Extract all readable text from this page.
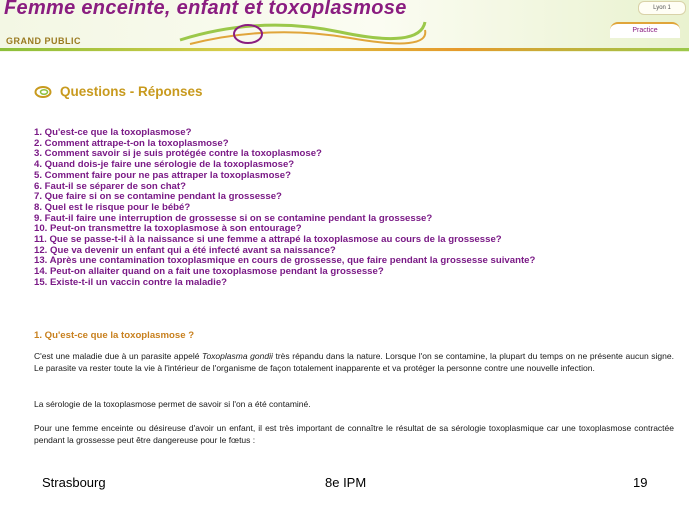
Femme enceinte, enfant et toxoplasmose
GRAND PUBLIC
Lyon 1
Practice
Questions - Réponses
1. Qu'est-ce que la toxoplasmose?
2. Comment attrape-t-on la toxoplasmose?
3. Comment savoir si je suis protégée contre la toxoplasmose?
4. Quand dois-je faire une sérologie de la toxoplasmose?
5. Comment faire pour ne pas attraper la toxoplasmose?
6. Faut-il se séparer de son chat?
7. Que faire si on se contamine pendant la grossesse?
8. Quel est le risque pour le bébé?
9. Faut-il faire une interruption de grossesse si on se contamine pendant la grossesse?
10. Peut-on transmettre la toxoplasmose à son entourage?
11. Que se passe-t-il à la naissance si une femme a attrapé la toxoplasmose au cours de la grossesse?
12. Que va devenir un enfant qui a été infecté avant sa naissance?
13. Après une contamination toxoplasmique en cours de grossesse, que faire pendant la grossesse suivante?
14. Peut-on allaiter quand on a fait une toxoplasmose pendant la grossesse?
15. Existe-t-il un vaccin contre la maladie?
1. Qu'est-ce que la toxoplasmose ?

C'est une maladie due à un parasite appelé Toxoplasma gondii très répandu dans la nature. Lorsque l'on se contamine, la plupart du temps on ne présente aucun signe. Le parasite va rester toute la vie à l'intérieur de l'organisme de façon totalement inapparente et va protéger la personne contre une nouvelle infection.

La sérologie de la toxoplasmose permet de savoir si l'on a été contaminé.

Pour une femme enceinte ou désireuse d'avoir un enfant, il est très important de connaître le résultat de sa sérologie toxoplasmique car une toxoplasmose contractée pendant la grossesse peut être dangereuse pour le fœtus :

Strasbourg	8e IPM	19
